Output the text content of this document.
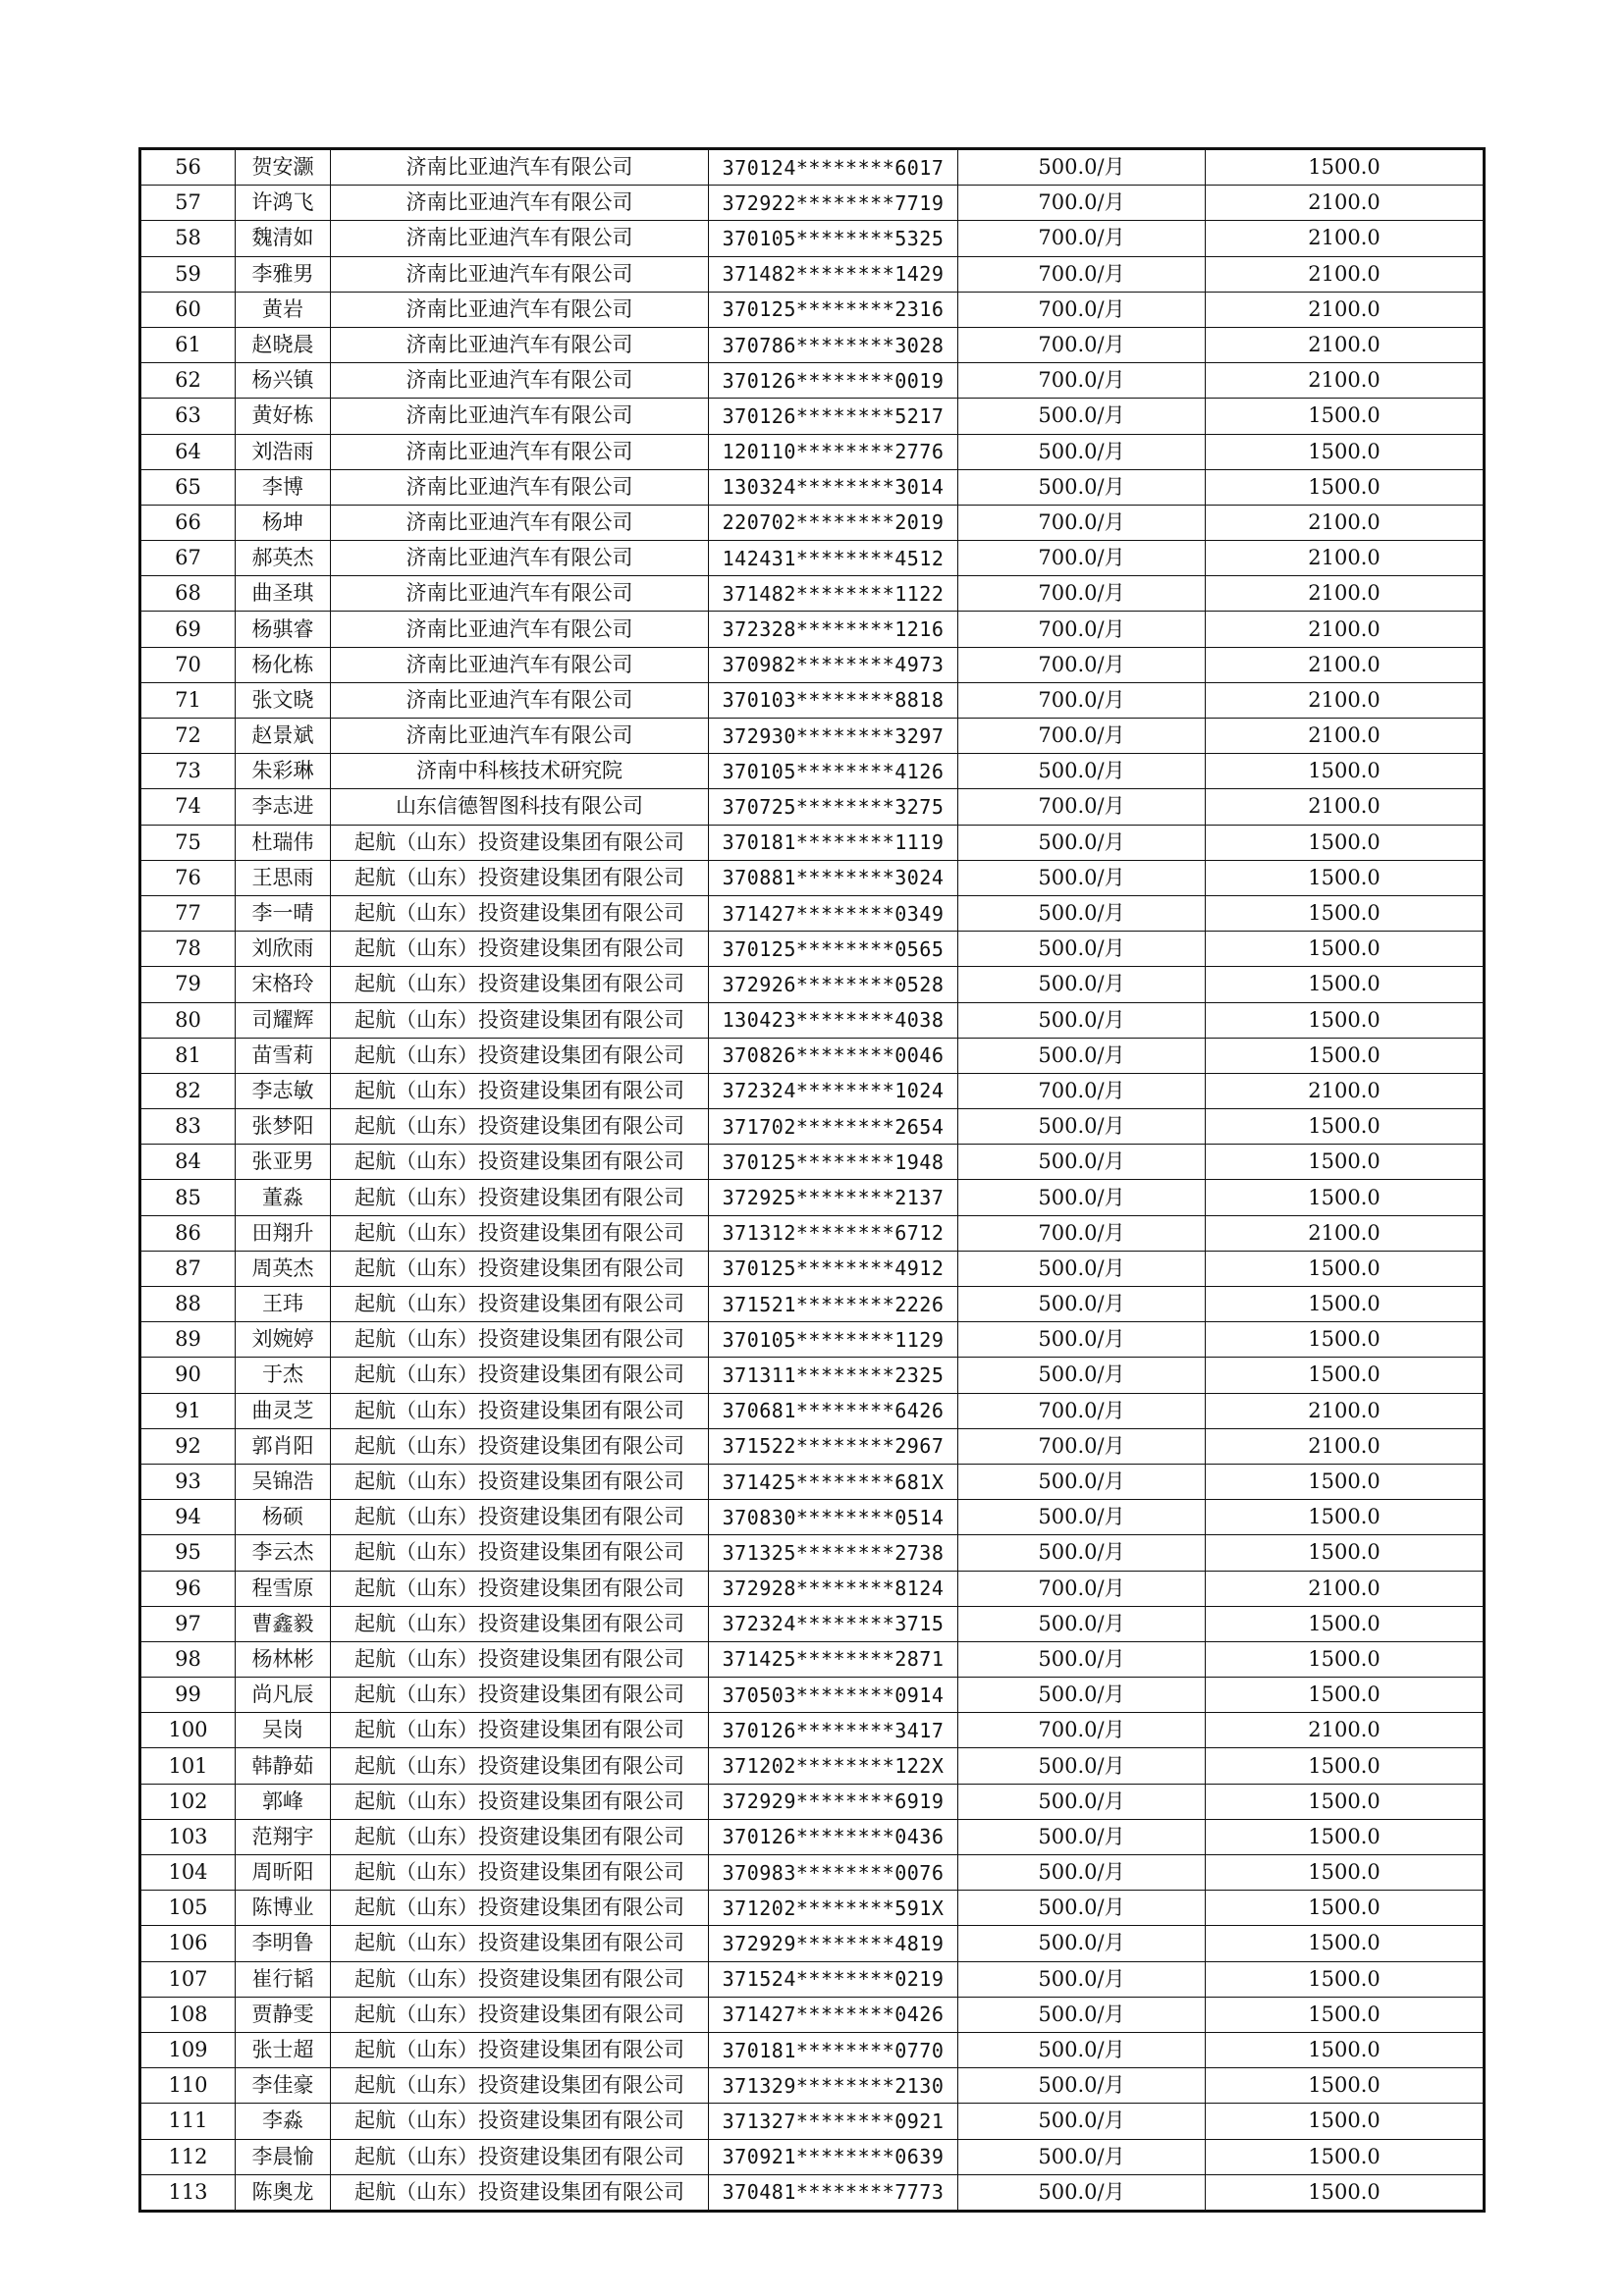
56	贺安灏	济南比亚迪汽车有限公司	370124********6017	500.0/月	1500.0
57	许鸿飞	济南比亚迪汽车有限公司	372922********7719	700.0/月	2100.0
58	魏清如	济南比亚迪汽车有限公司	370105********5325	700.0/月	2100.0
59	李雅男	济南比亚迪汽车有限公司	371482********1429	700.0/月	2100.0
60	黄岩	济南比亚迪汽车有限公司	370125********2316	700.0/月	2100.0
61	赵晓晨	济南比亚迪汽车有限公司	370786********3028	700.0/月	2100.0
62	杨兴镇	济南比亚迪汽车有限公司	370126********0019	700.0/月	2100.0
63	黄好栋	济南比亚迪汽车有限公司	370126********5217	500.0/月	1500.0
64	刘浩雨	济南比亚迪汽车有限公司	120110********2776	500.0/月	1500.0
65	李博	济南比亚迪汽车有限公司	130324********3014	500.0/月	1500.0
66	杨坤	济南比亚迪汽车有限公司	220702********2019	700.0/月	2100.0
67	郝英杰	济南比亚迪汽车有限公司	142431********4512	700.0/月	2100.0
68	曲圣琪	济南比亚迪汽车有限公司	371482********1122	700.0/月	2100.0
69	杨骐睿	济南比亚迪汽车有限公司	372328********1216	700.0/月	2100.0
70	杨化栋	济南比亚迪汽车有限公司	370982********4973	700.0/月	2100.0
71	张文晓	济南比亚迪汽车有限公司	370103********8818	700.0/月	2100.0
72	赵景斌	济南比亚迪汽车有限公司	372930********3297	700.0/月	2100.0
73	朱彩琳	济南中科核技术研究院	370105********4126	500.0/月	1500.0
74	李志进	山东信德智图科技有限公司	370725********3275	700.0/月	2100.0
75	杜瑞伟	起航（山东）投资建设集团有限公司	370181********1119	500.0/月	1500.0
76	王思雨	起航（山东）投资建设集团有限公司	370881********3024	500.0/月	1500.0
77	李一晴	起航（山东）投资建设集团有限公司	371427********0349	500.0/月	1500.0
78	刘欣雨	起航（山东）投资建设集团有限公司	370125********0565	500.0/月	1500.0
79	宋格玲	起航（山东）投资建设集团有限公司	372926********0528	500.0/月	1500.0
80	司耀辉	起航（山东）投资建设集团有限公司	130423********4038	500.0/月	1500.0
81	苗雪莉	起航（山东）投资建设集团有限公司	370826********0046	500.0/月	1500.0
82	李志敏	起航（山东）投资建设集团有限公司	372324********1024	700.0/月	2100.0
83	张梦阳	起航（山东）投资建设集团有限公司	371702********2654	500.0/月	1500.0
84	张亚男	起航（山东）投资建设集团有限公司	370125********1948	500.0/月	1500.0
85	董淼	起航（山东）投资建设集团有限公司	372925********2137	500.0/月	1500.0
86	田翔升	起航（山东）投资建设集团有限公司	371312********6712	700.0/月	2100.0
87	周英杰	起航（山东）投资建设集团有限公司	370125********4912	500.0/月	1500.0
88	王玮	起航（山东）投资建设集团有限公司	371521********2226	500.0/月	1500.0
89	刘婉婷	起航（山东）投资建设集团有限公司	370105********1129	500.0/月	1500.0
90	于杰	起航（山东）投资建设集团有限公司	371311********2325	500.0/月	1500.0
91	曲灵芝	起航（山东）投资建设集团有限公司	370681********6426	700.0/月	2100.0
92	郭肖阳	起航（山东）投资建设集团有限公司	371522********2967	700.0/月	2100.0
93	吴锦浩	起航（山东）投资建设集团有限公司	371425********681X	500.0/月	1500.0
94	杨硕	起航（山东）投资建设集团有限公司	370830********0514	500.0/月	1500.0
95	李云杰	起航（山东）投资建设集团有限公司	371325********2738	500.0/月	1500.0
96	程雪原	起航（山东）投资建设集团有限公司	372928********8124	700.0/月	2100.0
97	曹鑫毅	起航（山东）投资建设集团有限公司	372324********3715	500.0/月	1500.0
98	杨林彬	起航（山东）投资建设集团有限公司	371425********2871	500.0/月	1500.0
99	尚凡辰	起航（山东）投资建设集团有限公司	370503********0914	500.0/月	1500.0
100	吴岗	起航（山东）投资建设集团有限公司	370126********3417	700.0/月	2100.0
101	韩静茹	起航（山东）投资建设集团有限公司	371202********122X	500.0/月	1500.0
102	郭峰	起航（山东）投资建设集团有限公司	372929********6919	500.0/月	1500.0
103	范翔宇	起航（山东）投资建设集团有限公司	370126********0436	500.0/月	1500.0
104	周昕阳	起航（山东）投资建设集团有限公司	370983********0076	500.0/月	1500.0
105	陈博业	起航（山东）投资建设集团有限公司	371202********591X	500.0/月	1500.0
106	李明鲁	起航（山东）投资建设集团有限公司	372929********4819	500.0/月	1500.0
107	崔行韬	起航（山东）投资建设集团有限公司	371524********0219	500.0/月	1500.0
108	贾静雯	起航（山东）投资建设集团有限公司	371427********0426	500.0/月	1500.0
109	张士超	起航（山东）投资建设集团有限公司	370181********0770	500.0/月	1500.0
110	李佳豪	起航（山东）投资建设集团有限公司	371329********2130	500.0/月	1500.0
111	李淼	起航（山东）投资建设集团有限公司	371327********0921	500.0/月	1500.0
112	李晨愉	起航（山东）投资建设集团有限公司	370921********0639	500.0/月	1500.0
113	陈奥龙	起航（山东）投资建设集团有限公司	370481********7773	500.0/月	1500.0
